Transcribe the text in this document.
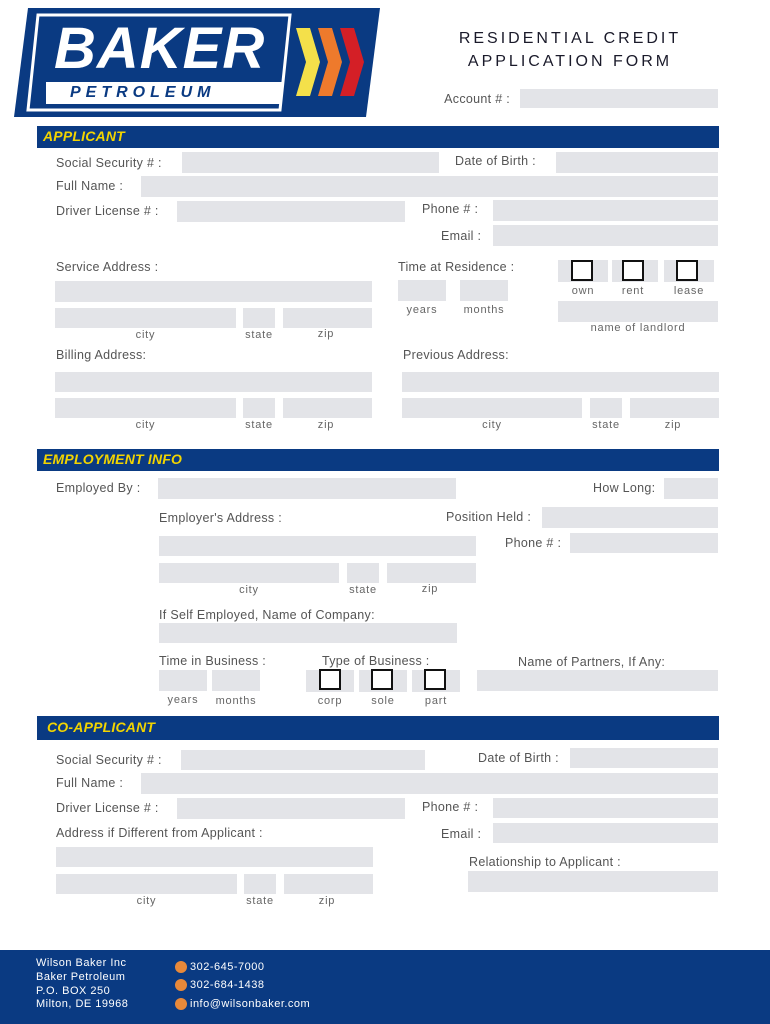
BAKER
PETROLEUM
RESIDENTIAL CREDIT
APPLICATION FORM
Account # :
APPLICANT
Social Security # :	Date of Birth :
Full Name :
Driver License # :	Phone # :
Email :
Service Address :	Time at Residence :
own	rent	lease
years	months
name of landlord
city	state	zip
Billing Address:	Previous Address:
city	state	zip	city	state	zip
EMPLOYMENT INFO
Employed By :	How Long:
Employer's Address :	Position Held :
Phone # :
city	state	zip
If Self Employed, Name of Company:
Time in Business :	Type of Business :	Name of Partners, If Any:
years	months	corp	sole	part
CO-APPLICANT
Social Security # :	Date of Birth :
Full Name :
Driver License # :	Phone # :
Address if Different from Applicant :	Email :
Relationship to Applicant :
city	state	zip
Wilson Baker Inc
Baker Petroleum
P.O. BOX 250
Milton, DE 19968
302-645-7000
302-684-1438
info@wilsonbaker.com
